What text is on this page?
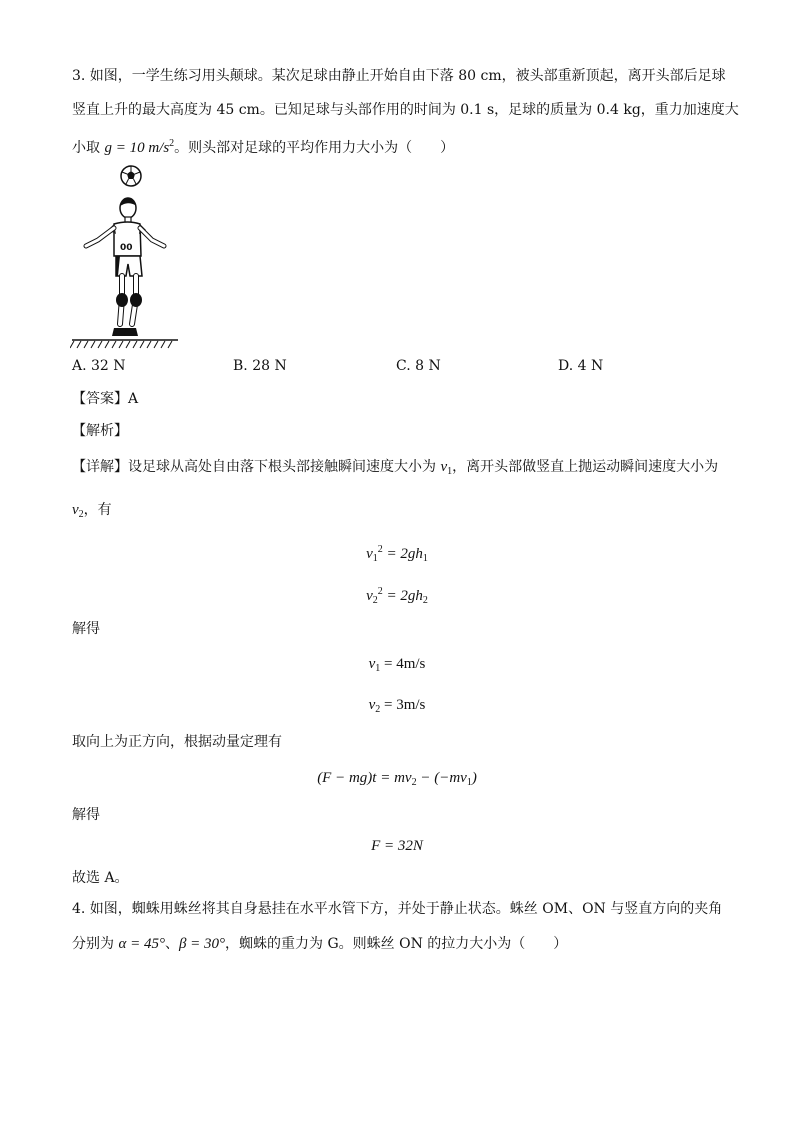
3. 如图，一学生练习用头颠球。某次足球由静止开始自由下落 80 cm，被头部重新顶起，离开头部后足球
竖直上升的最大高度为 45 cm。已知足球与头部作用的时间为 0.1 s，足球的质量为 0.4 kg，重力加速度大
小取 g = 10 $m/s^2$。则头部对足球的平均作用力大小为（　　）
00
A. 32 N	B. 28 N	C. 8 N	D. 4 N
【答案】A
【解析】
【详解】设足球从高处自由落下根头部接触瞬间速度大小为 $v_1$，离开头部做竖直上抛运动瞬间速度大小为
$v_2$，有
$v_1^2 = 2gh_1$
$v_2^2 = 2gh_2$
解得
$v_1 = 4m/s$
$v_2 = 3m/s$
取向上为正方向，根据动量定理有
$(F - mg)t = mv_2 - (-mv_1)$
解得
F = 32N
故选 A。
4. 如图，蜘蛛用蛛丝将其自身悬挂在水平水管下方，并处于静止状态。蛛丝 OM、ON 与竖直方向的夹角
分别为 α = 45°、β = 30°，蜘蛛的重力为 G。则蛛丝 ON 的拉力大小为（　　）
